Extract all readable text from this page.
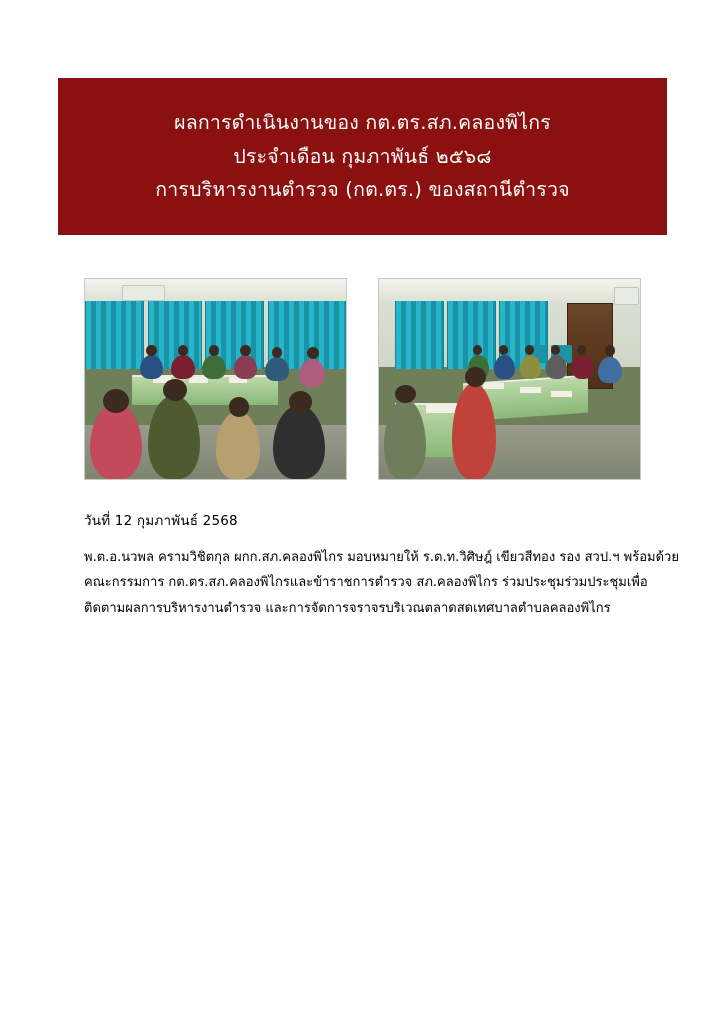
ผลการดำเนินงานของ กต.ตร.สภ.คลองพิไกร
ประจำเดือน กุมภาพันธ์ ๒๕๖๘
การบริหารงานตำรวจ (กต.ตร.) ของสถานีตำรวจ
วันที่ 12 กุมภาพันธ์ 2568
พ.ต.อ.นวพล ครามวิชิตกุล ผกก.สภ.คลองพิไกร มอบหมายให้ ร.ต.ท.วิศิษฎ์ เขียวสีทอง รอง สวป.ฯ พร้อมด้วย
คณะกรรมการ กต.ตร.สภ.คลองพิไกรและข้าราชการตำรวจ สภ.คลองพิไกร ร่วมประชุมร่วมประชุมเพื่อ
ติดตามผลการบริหารงานตำรวจ และการจัดการจราจรบริเวณตลาดสดเทศบาลตำบลคลองพิไกร
